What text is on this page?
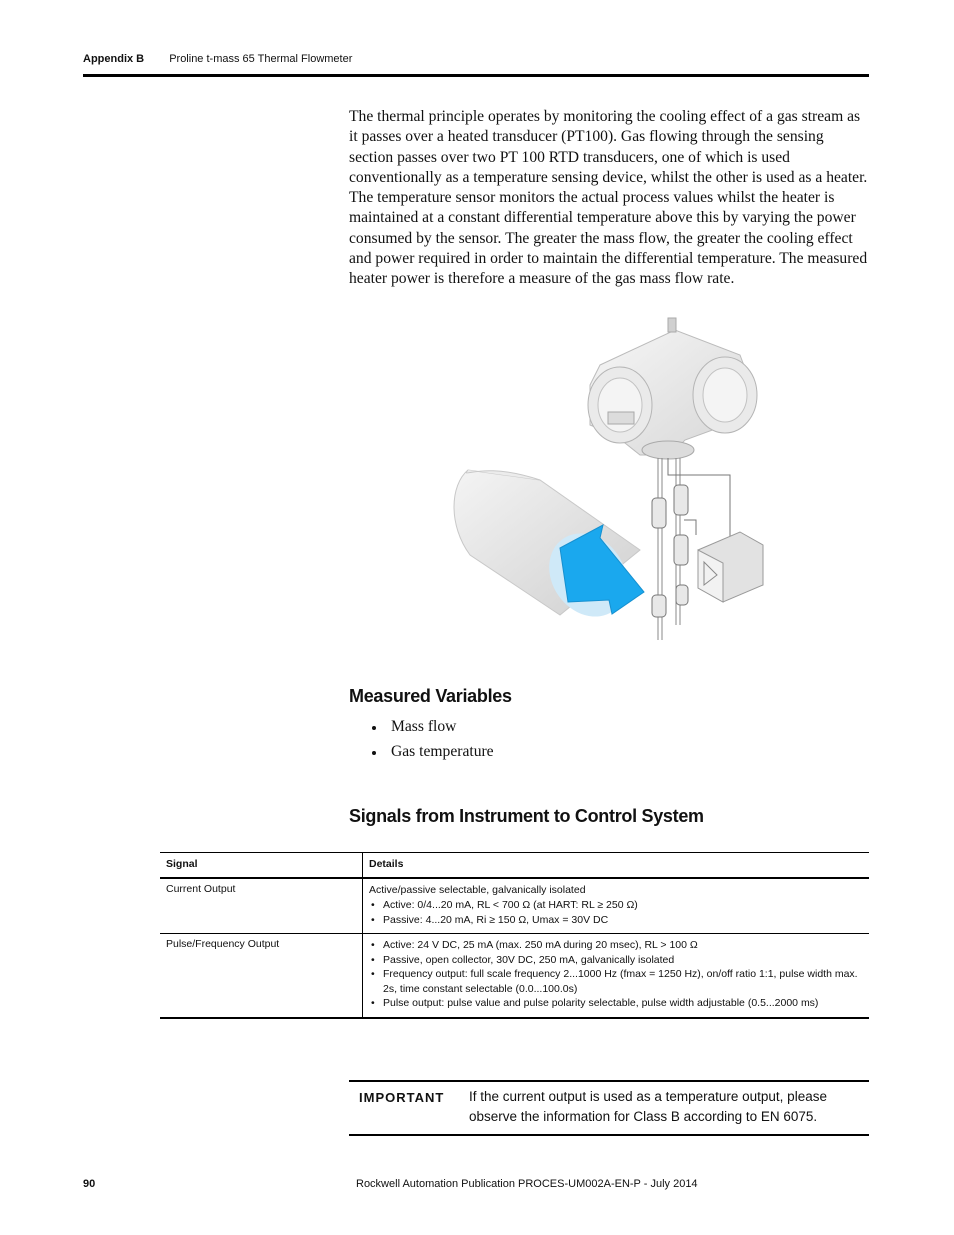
Appendix B Proline t-mass 65 Thermal Flowmeter

The thermal principle operates by monitoring the cooling effect of a gas stream as it passes over a heated transducer (PT100). Gas flowing through the sensing section passes over two PT 100 RTD transducers, one of which is used conventionally as a temperature sensing device, whilst the other is used as a heater. The temperature sensor monitors the actual process values whilst the heater is maintained at a constant differential temperature above this by varying the power consumed by the sensor. The greater the mass flow, the greater the cooling effect and power required in order to maintain the differential temperature. The measured heater power is therefore a measure of the gas mass flow rate.

Measured Variables
Mass flow
Gas temperature
Signals from Instrument to Control System
Signal	Details
Current Output	Active/passive selectable, galvanically isolated
• Active: 0/4...20 mA, RL < 700 Ω (at HART: RL ≥ 250 Ω)
• Passive: 4...20 mA, Ri ≥ 150 Ω, Umax = 30V DC
Pulse/Frequency Output
•	Active: 24 V DC, 25 mA (max. 250 mA during 20 msec), RL > 100 Ω
• Passive, open collector, 30V DC, 250 mA, galvanically isolated
• Frequency output: full scale frequency 2...1000 Hz (fmax = 1250 Hz), on/off ratio 1:1, pulse width max. 2s, time constant selectable (0.0...100.0s)
• Pulse output: pulse value and pulse polarity selectable, pulse width adjustable (0.5...2000 ms)
IMPORTANT	If the current output is used as a temperature output, please observe the information for Class B according to EN 6075.
90	Rockwell Automation Publication PROCES-UM002A-EN-P - July 2014
